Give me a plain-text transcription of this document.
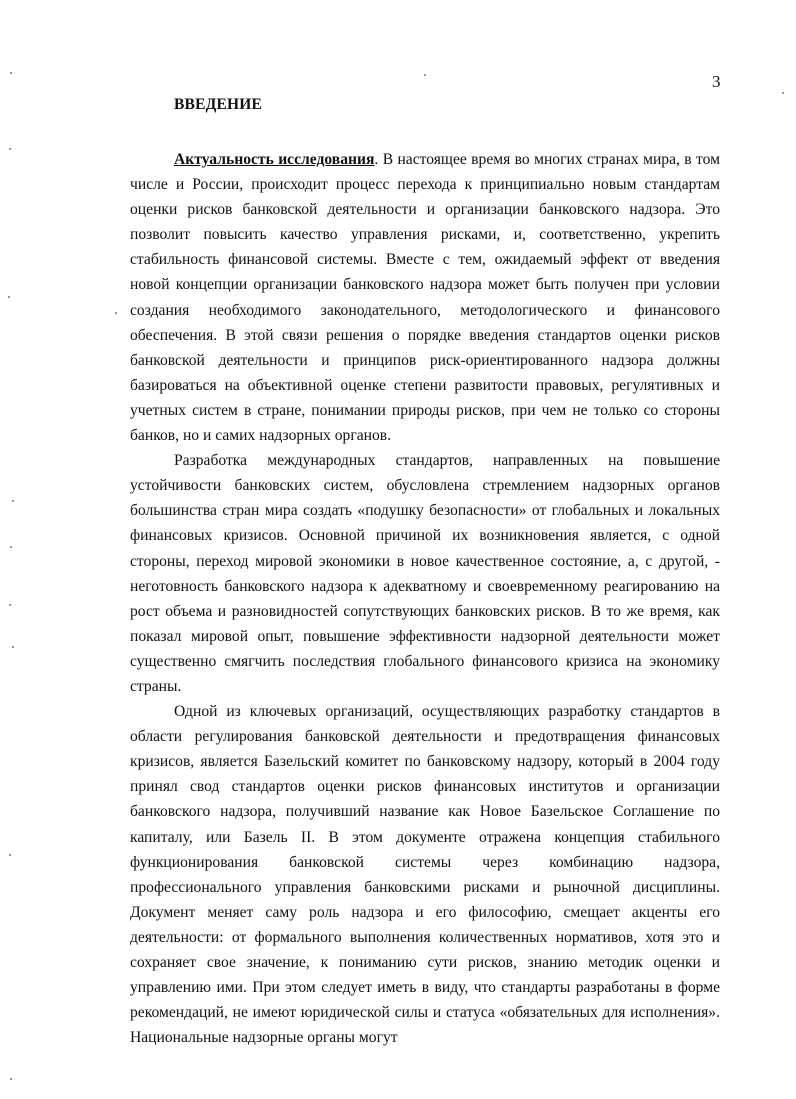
3
ВВЕДЕНИЕ

Актуальность исследования. В настоящее время во многих странах мира, в том числе и России, происходит процесс перехода к принципиально новым стандартам оценки рисков банковской деятельности и организации банковского надзора. Это позволит повысить качество управления рисками, и, соответственно, укрепить стабильность финансовой системы. Вместе с тем, ожидаемый эффект от введения новой концепции организации банковского надзора может быть получен при условии создания необходимого законодательного, методологического и финансового обеспечения. В этой связи решения о порядке введения стандартов оценки рисков банковской деятельности и принципов риск-ориентированного надзора должны базироваться на объективной оценке степени развитости правовых, регулятивных и учетных систем в стране, понимании природы рисков, при чем не только со стороны банков, но и самих надзорных органов.

Разработка международных стандартов, направленных на повышение устойчивости банковских систем, обусловлена стремлением надзорных органов большинства стран мира создать «подушку безопасности» от глобальных и локальных финансовых кризисов. Основной причиной их возникновения является, с одной стороны, переход мировой экономики в новое качественное состояние, а, с другой, - неготовность банковского надзора к адекватному и своевременному реагированию на рост объема и разновидностей сопутствующих банковских рисков. В то же время, как показал мировой опыт, повышение эффективности надзорной деятельности может существенно смягчить последствия глобального финансового кризиса на экономику страны.

Одной из ключевых организаций, осуществляющих разработку стандартов в области регулирования банковской деятельности и предотвращения финансовых кризисов, является Базельский комитет по банковскому надзору, который в 2004 году принял свод стандартов оценки рисков финансовых институтов и организации банковского надзора, получивший название как Новое Базельское Соглашение по капиталу, или Базель II. В этом документе отражена концепция стабильного функционирования банковской системы через комбинацию надзора, профессионального управления банковскими рисками и рыночной дисциплины. Документ меняет саму роль надзора и его философию, смещает акценты его деятельности: от формального выполнения количественных нормативов, хотя это и сохраняет свое значение, к пониманию сути рисков, знанию методик оценки и управлению ими. При этом следует иметь в виду, что стандарты разработаны в форме рекомендаций, не имеют юридической силы и статуса «обязательных для исполнения». Национальные надзорные органы могут
